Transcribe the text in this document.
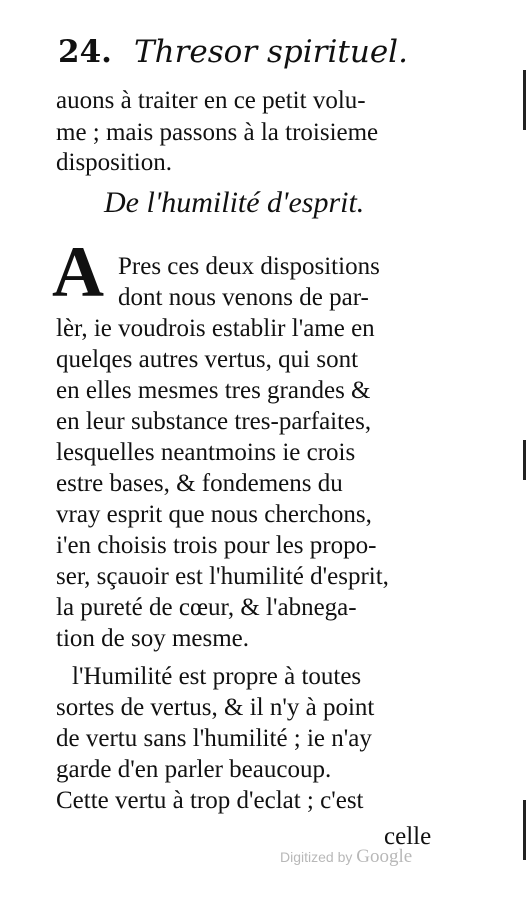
24. Thresor spirituel.
auons à traiter en ce petit volu-
me ; mais passons à la troisieme
disposition.
De l'humilité d'esprit.
A Pres ces deux dispositions
dont nous venons de par-
lèr, ie voudrois establir l'ame en
quelqes autres vertus, qui sont
en elles mesmes tres grandes &
en leur substance tres-parfaites,
lesquelles neantmoins ie crois
estre bases, & fondemens du
vray esprit que nous cherchons,
i'en choisis trois pour les propo-
ser, sçauoir est l'humilité d'esprit,
la pureté de cœur, & l'abnega-
tion de soy mesme.
l'Humilité est propre à toutes
sortes de vertus, & il n'y à point
de vertu sans l'humilité ; ie n'ay
garde d'en parler beaucoup.
Cette vertu à trop d'eclat ; c'est
celle
Digitized by Google
